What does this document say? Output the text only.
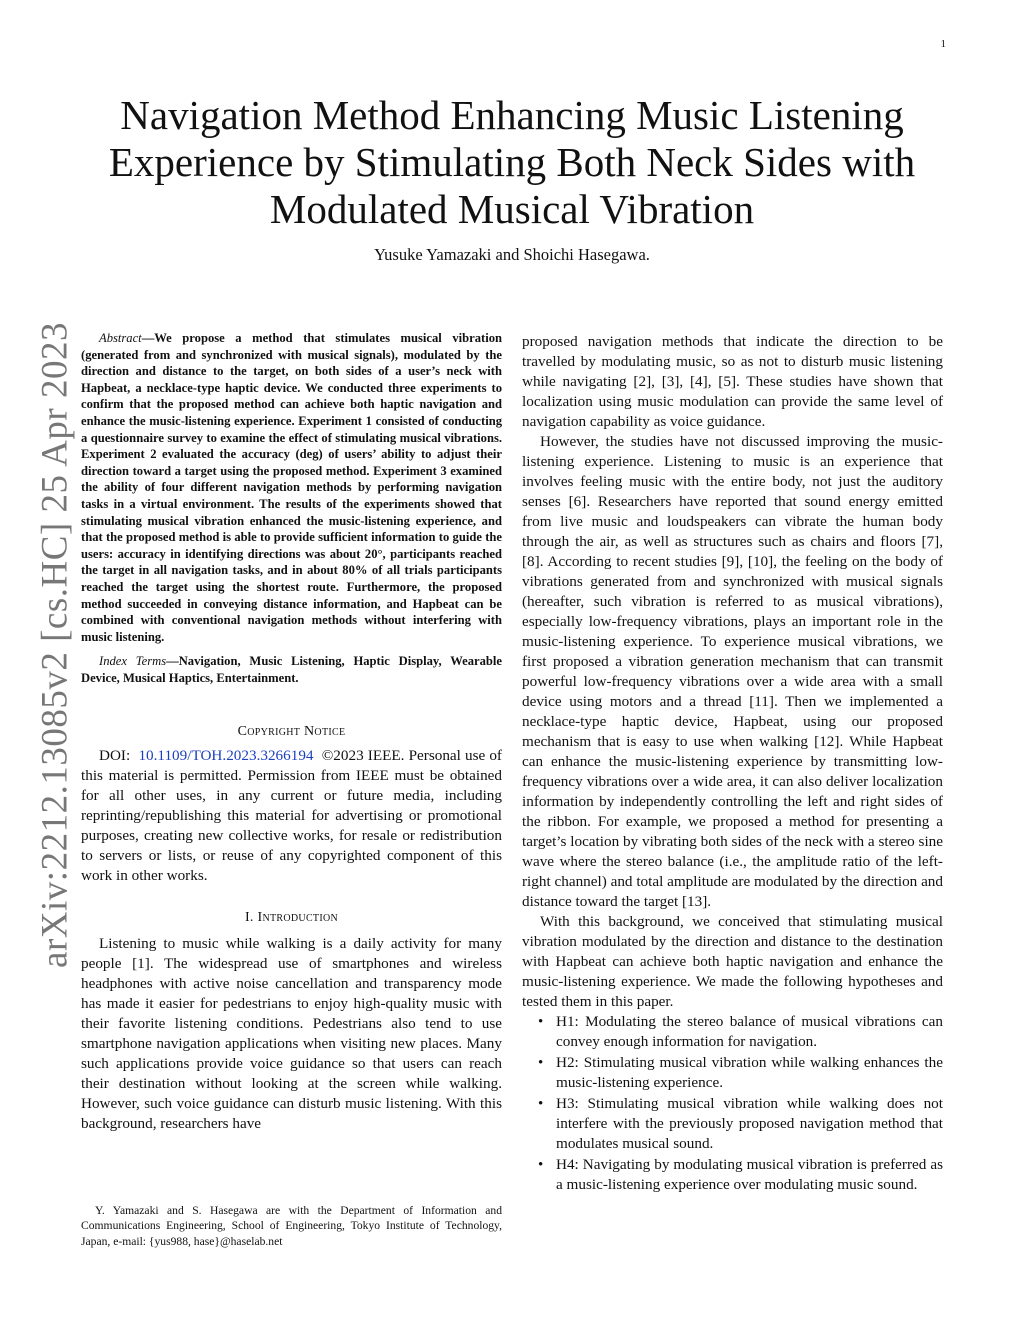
1
arXiv:2212.13085v2 [cs.HC] 25 Apr 2023
Navigation Method Enhancing Music Listening Experience by Stimulating Both Neck Sides with Modulated Musical Vibration
Yusuke Yamazaki and Shoichi Hasegawa.

Abstract—We propose a method that stimulates musical vibration (generated from and synchronized with musical signals), modulated by the direction and distance to the target, on both sides of a user’s neck with Hapbeat, a necklace-type haptic device. We conducted three experiments to confirm that the proposed method can achieve both haptic navigation and enhance the music-listening experience. Experiment 1 consisted of conducting a questionnaire survey to examine the effect of stimulating musical vibrations. Experiment 2 evaluated the accuracy (deg) of users’ ability to adjust their direction toward a target using the proposed method. Experiment 3 examined the ability of four different navigation methods by performing navigation tasks in a virtual environment. The results of the experiments showed that stimulating musical vibration enhanced the music-listening experience, and that the proposed method is able to provide sufficient information to guide the users: accuracy in identifying directions was about 20°, participants reached the target in all navigation tasks, and in about 80% of all trials participants reached the target using the shortest route. Furthermore, the proposed method succeeded in conveying distance information, and Hapbeat can be combined with conventional navigation methods without interfering with music listening.

Index Terms—Navigation, Music Listening, Haptic Display, Wearable Device, Musical Haptics, Entertainment.

Copyright Notice

DOI: 10.1109/TOH.2023.3266194 ©2023 IEEE. Personal use of this material is permitted. Permission from IEEE must be obtained for all other uses, in any current or future media, including reprinting/republishing this material for advertising or promotional purposes, creating new collective works, for resale or redistribution to servers or lists, or reuse of any copyrighted component of this work in other works.

I. Introduction

Listening to music while walking is a daily activity for many people [1]. The widespread use of smartphones and wireless headphones with active noise cancellation and transparency mode has made it easier for pedestrians to enjoy high-quality music with their favorite listening conditions. Pedestrians also tend to use smartphone navigation applications when visiting new places. Many such applications provide voice guidance so that users can reach their destination without looking at the screen while walking. However, such voice guidance can disturb music listening. With this background, researchers have

Y. Yamazaki and S. Hasegawa are with the Department of Information and Communications Engineering, School of Engineering, Tokyo Institute of Technology, Japan, e-mail: {yus988, hase}@haselab.net

proposed navigation methods that indicate the direction to be travelled by modulating music, so as not to disturb music listening while navigating [2], [3], [4], [5]. These studies have shown that localization using music modulation can provide the same level of navigation capability as voice guidance.

However, the studies have not discussed improving the music-listening experience. Listening to music is an experience that involves feeling music with the entire body, not just the auditory senses [6]. Researchers have reported that sound energy emitted from live music and loudspeakers can vibrate the human body through the air, as well as structures such as chairs and floors [7], [8]. According to recent studies [9], [10], the feeling on the body of vibrations generated from and synchronized with musical signals (hereafter, such vibration is referred to as musical vibrations), especially low-frequency vibrations, plays an important role in the music-listening experience. To experience musical vibrations, we first proposed a vibration generation mechanism that can transmit powerful low-frequency vibrations over a wide area with a small device using motors and a thread [11]. Then we implemented a necklace-type haptic device, Hapbeat, using our proposed mechanism that is easy to use when walking [12]. While Hapbeat can enhance the music-listening experience by transmitting low-frequency vibrations over a wide area, it can also deliver localization information by independently controlling the left and right sides of the ribbon. For example, we proposed a method for presenting a target’s location by vibrating both sides of the neck with a stereo sine wave where the stereo balance (i.e., the amplitude ratio of the left-right channel) and total amplitude are modulated by the direction and distance toward the target [13].

With this background, we conceived that stimulating musical vibration modulated by the direction and distance to the destination with Hapbeat can achieve both haptic navigation and enhance the music-listening experience. We made the following hypotheses and tested them in this paper.

• H1: Modulating the stereo balance of musical vibrations can convey enough information for navigation.
• H2: Stimulating musical vibration while walking enhances the music-listening experience.
• H3: Stimulating musical vibration while walking does not interfere with the previously proposed navigation method that modulates musical sound.
• H4: Navigating by modulating musical vibration is preferred as a music-listening experience over modulating music sound.
